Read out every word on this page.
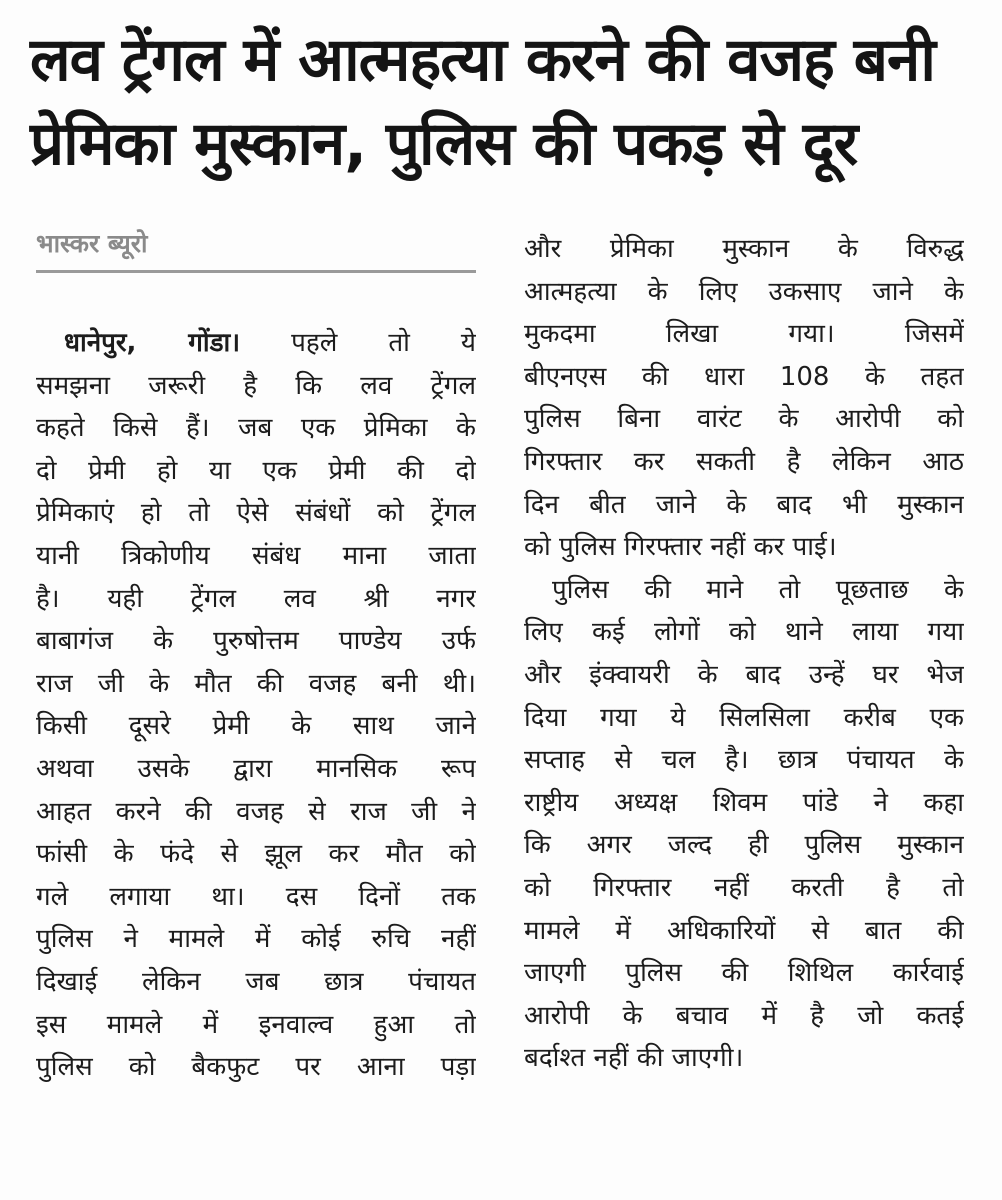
लव ट्रेंगल में आत्महत्या करने की वजह बनी
प्रेमिका मुस्कान, पुलिस की पकड़ से दूर
भास्कर ब्यूरो
धानेपुर, गोंडा। पहले तो ये
समझना जरूरी है कि लव ट्रेंगल
कहते किसे हैं। जब एक प्रेमिका के
दो प्रेमी हो या एक प्रेमी की दो
प्रेमिकाएं हो तो ऐसे संबंधों को ट्रेंगल
यानी त्रिकोणीय संबंध माना जाता
है। यही ट्रेंगल लव श्री नगर
बाबागंज के पुरुषोत्तम पाण्डेय उर्फ
राज जी के मौत की वजह बनी थी।
किसी दूसरे प्रेमी के साथ जाने
अथवा उसके द्वारा मानसिक रूप
आहत करने की वजह से राज जी ने
फांसी के फंदे से झूल कर मौत को
गले लगाया था। दस दिनों तक
पुलिस ने मामले में कोई रुचि नहीं
दिखाई लेकिन जब छात्र पंचायत
इस मामले में इनवाल्व हुआ तो
पुलिस को बैकफुट पर आना पड़ा
और प्रेमिका मुस्कान के विरुद्ध
आत्महत्या के लिए उकसाए जाने के
मुकदमा लिखा गया। जिसमें
बीएनएस की धारा 108 के तहत
पुलिस बिना वारंट के आरोपी को
गिरफ्तार कर सकती है लेकिन आठ
दिन बीत जाने के बाद भी मुस्कान
को पुलिस गिरफ्तार नहीं कर पाई।
पुलिस की माने तो पूछताछ के
लिए कई लोगों को थाने लाया गया
और इंक्वायरी के बाद उन्हें घर भेज
दिया गया ये सिलसिला करीब एक
सप्ताह से चल है। छात्र पंचायत के
राष्ट्रीय अध्यक्ष शिवम पांडे ने कहा
कि अगर जल्द ही पुलिस मुस्कान
को गिरफ्तार नहीं करती है तो
मामले में अधिकारियों से बात की
जाएगी पुलिस की शिथिल कार्रवाई
आरोपी के बचाव में है जो कतई
बर्दाश्त नहीं की जाएगी।
